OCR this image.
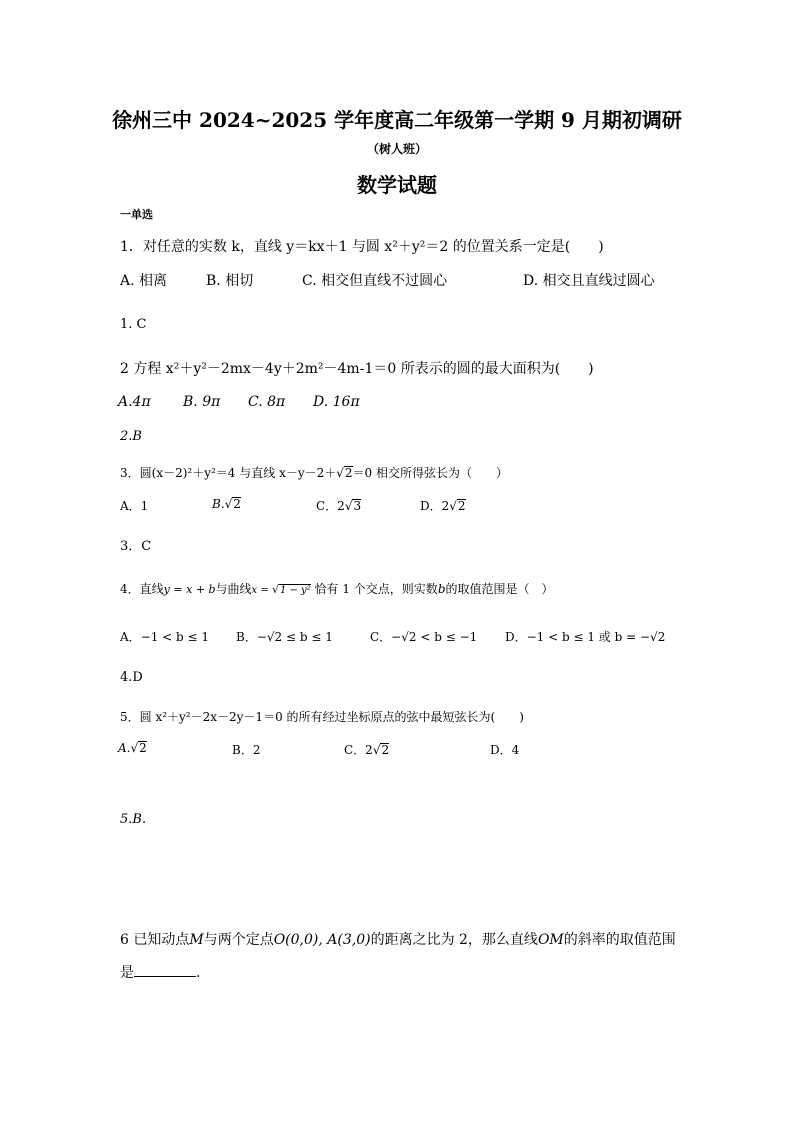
徐州三中 2024~2025 学年度高二年级第一学期 9 月期初调研
（树人班）
数学试题
一单选
1．对任意的实数 k，直线 y＝kx＋1 与圆 x²＋y²＝2 的位置关系一定是(　　)
A. 相离	B. 相切	C. 相交但直线不过圆心	D. 相交且直线过圆心
1. C
2 方程 x²＋y²－2mx－4y＋2m²－4m-1＝0 所表示的圆的最大面积为(　　)
A.4π B. 9π C. 8π D. 16π
2.B
3．圆(x－2)²＋y²＝4 与直线 x－y－2＋√2＝0 相交所得弦长为（　　）
A．1	B.√2	C．2√3	D．2√2
3．C
4．直线y = x + b与曲线x = √1 − y² 恰有 1 个交点，则实数b的取值范围是（　）
A．−1 < b ≤ 1 B．−√2 ≤ b ≤ 1	C．−√2 < b ≤ −1 D．−1 < b ≤ 1 或 b = −√2
4.D
5．圆 x²＋y²－2x－2y－1＝0 的所有经过坐标原点的弦中最短弦长为(　　)
A.√2	B．2	C．2√2	D．4
5.B.
6 已知动点M与两个定点O(0,0), A(3,0)的距离之比为 2，那么直线OM的斜率的取值范围
是	.
